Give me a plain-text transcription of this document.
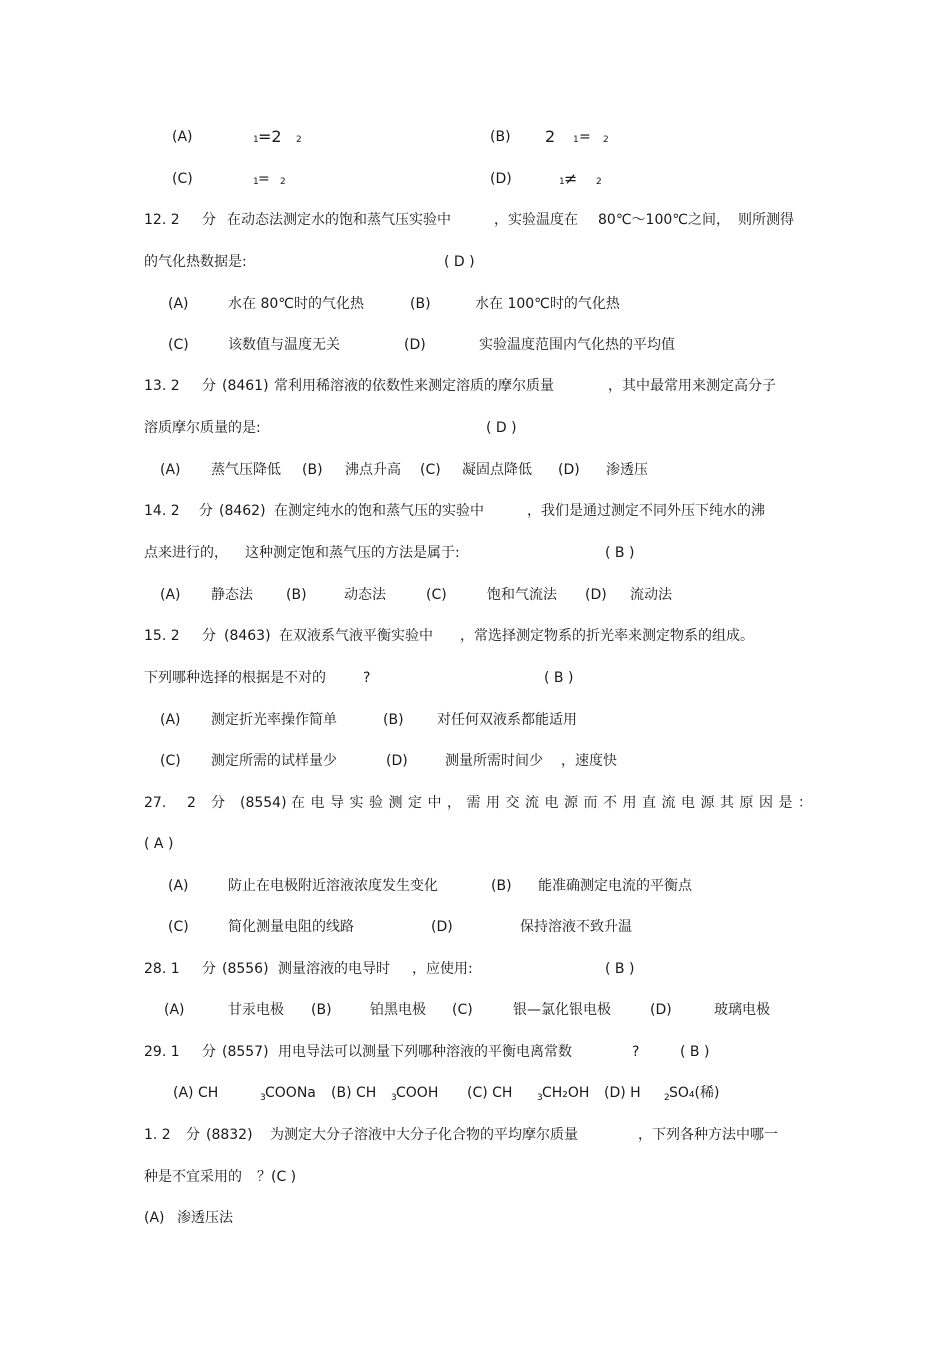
(A)	1 =2 2	(B) 2 1 = 2
(C)	1 = 2	(D)	1 ≠ 2
12. 2 分 在动态法测定水的饱和蒸气压实验中	，实验温度在 80℃～100℃之间， 则所测得
的气化热数据是:	( D )
(A)	水在 80℃时的气化热	(B)	水在 100℃时的气化热
(C)	该数值与温度无关	(D)	实验温度范围内气化热的平均值
13. 2 分 (8461) 常利用稀溶液的依数性来测定溶质的摩尔质量	，其中最常用来测定高分子
溶质摩尔质量的是:	( D )
(A) 蒸气压降低 (B) 沸点升高 (C) 凝固点降低 (D) 渗透压
14. 2 分 (8462) 在测定纯水的饱和蒸气压的实验中	，我们是通过测定不同外压下纯水的沸
点来进行的， 这种测定饱和蒸气压的方法是属于:	( B )
(A) 静态法 (B)	动态法	(C)	饱和气流法 (D) 流动法
15. 2 分 (8463) 在双液系气液平衡实验中 ，常选择测定物系的折光率来测定物系的组成。
下列哪种选择的根据是不对的	?	( B )
(A) 测定折光率操作简单	(B) 对任何双液系都能适用
(C) 测定所需的试样量少	(D)	测量所需时间少 ，速度快
27. 2 分 (8554) 在电导实验测定中，需用交流电源而不用直流电源其原因是：
( A )
(A)	防止在电极附近溶液浓度发生变化	(B) 能准确测定电流的平衡点
(C)	简化测量电阻的线路	(D)	保持溶液不致升温
28. 1 分 (8556) 测量溶液的电导时 ，应使用:	( B )
(A)	甘汞电极 (B)	铂黑电极 (C)	银—氯化银电极	(D)	玻璃电极
29. 1 分 (8557) 用电导法可以测量下列哪种溶液的平衡电离常数	?	( B )
(A) CH	3 COONa (B) CH 3 COOH (C) CH	3 CH₂OH (D) H	2 SO₄(稀)
1. 2 分 (8832) 为测定大分子溶液中大分子化合物的平均摩尔质量	，下列各种方法中哪一
种是不宜采用的 ？(C )
(A) 渗透压法
